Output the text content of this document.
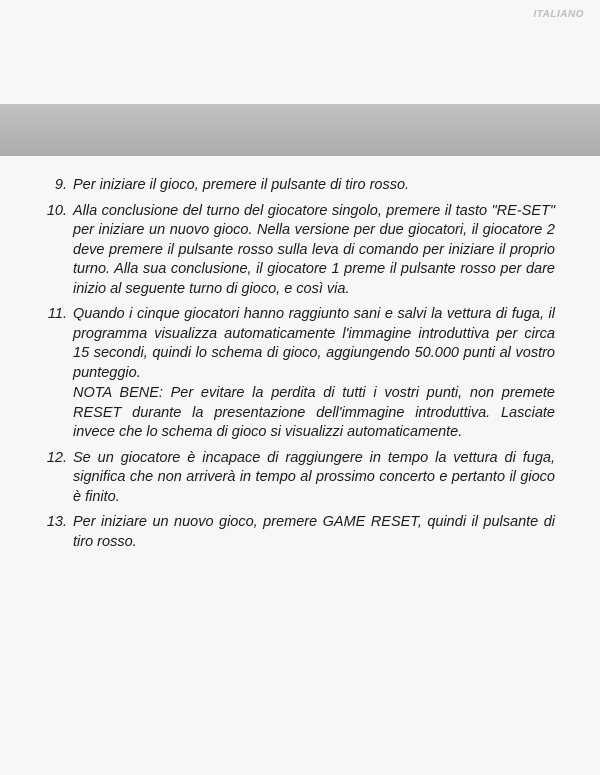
ITALIANO
9. Per iniziare il gioco, premere il pulsante di tiro rosso.

10. Alla conclusione del turno del giocatore singolo, premere il tasto "RE-SET" per iniziare un nuovo gioco. Nella versione per due giocatori, il giocatore 2 deve premere il pulsante rosso sulla leva di comando per iniziare il proprio turno. Alla sua conclusione, il giocatore 1 preme il pulsante rosso per dare inizio al seguente turno di gioco, e così via.

11. Quando i cinque giocatori hanno raggiunto sani e salvi la vettura di fuga, il programma visualizza automaticamente l'immagine introduttiva per circa 15 secondi, quindi lo schema di gioco, aggiungendo 50.000 punti al vostro punteggio.

NOTA BENE: Per evitare la perdita di tutti i vostri punti, non premete RESET durante la presentazione dell'immagine introduttiva. Lasciate invece che lo schema di gioco si visualizzi automaticamente.

12. Se un giocatore è incapace di raggiungere in tempo la vettura di fuga, significa che non arriverà in tempo al prossimo concerto e pertanto il gioco è finito.

13. Per iniziare un nuovo gioco, premere GAME RESET, quindi il pulsante di tiro rosso.
